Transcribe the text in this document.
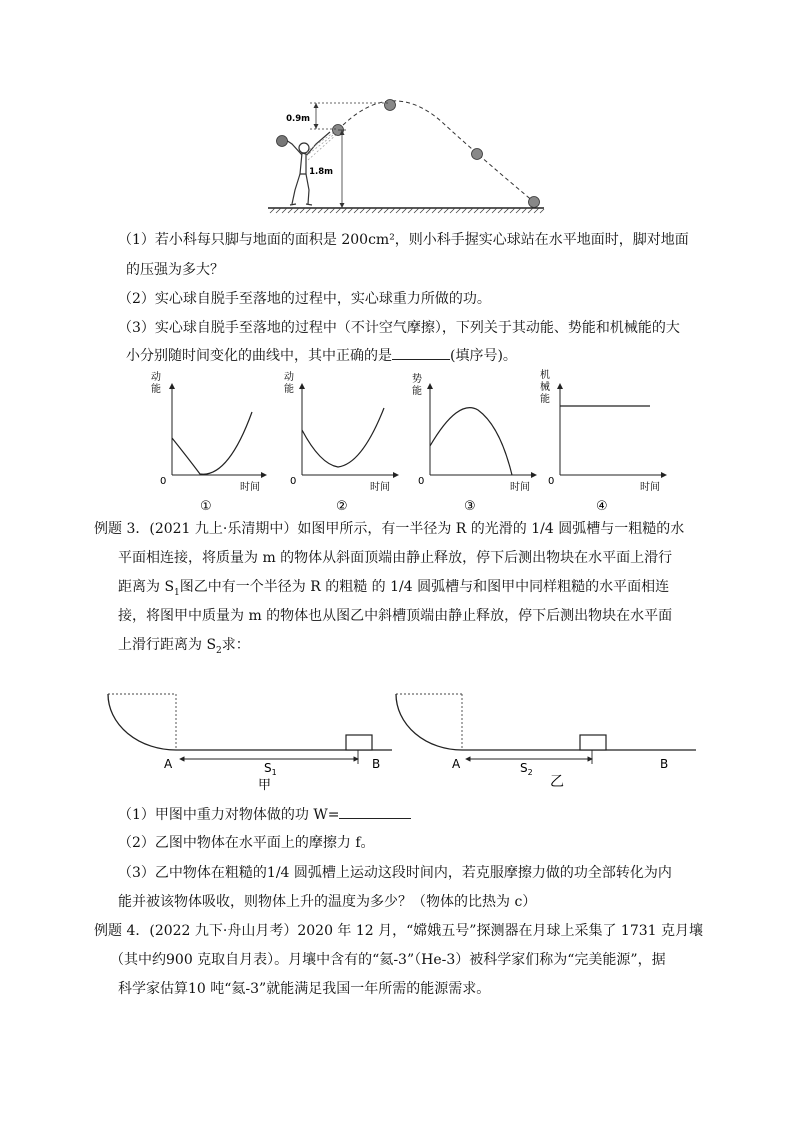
0.9m
1.8m
（1）若小科每只脚与地面的面积是 200cm²，则小科手握实心球站在水平地面时，脚对地面
的压强为多大？
（2）实心球自脱手至落地的过程中，实心球重力所做的功。
（3）实心球自脱手至落地的过程中（不计空气摩擦），下列关于其动能、势能和机械能的大
小分别随时间变化的曲线中，其中正确的是	(填序号)。
动
能
0
时间
①
动
能
0
时间
②
势
能
0
时间
③
机
械
能
0
时间
④
例题 3．(2021 九上·乐清期中）如图甲所示，有一半径为 R 的光滑的 1/4 圆弧槽与一粗糙的水
平面相连接，将质量为 m 的物体从斜面顶端由静止释放，停下后测出物块在水平面上滑行
距离为 $S_1$图乙中有一个半径为 R 的粗糙 的 1/4 圆弧槽与和图甲中同样粗糙的水平面相连
接，将图甲中质量为 m 的物体也从图乙中斜槽顶端由静止释放，停下后测出物块在水平面
上滑行距离为 $S_2$求：
A	B
$S_1$
甲
A	B
$S_2$
乙
（1）甲图中重力对物体做的功 W=
（2）乙图中物体在水平面上的摩擦力 f。
（3）乙中物体在粗糙的1/4 圆弧槽上运动这段时间内，若克服摩擦力做的功全部转化为内
能并被该物体吸收，则物体上升的温度为多少？（物体的比热为 c）
例题 4．(2022 九下·舟山月考）2020 年 12 月，“嫦娥五号”探测器在月球上采集了 1731 克月壤
（其中约900 克取自月表）。月壤中含有的“氦-3”（He-3）被科学家们称为“完美能源”，据
科学家估算10 吨“氦-3”就能满足我国一年所需的能源需求。
